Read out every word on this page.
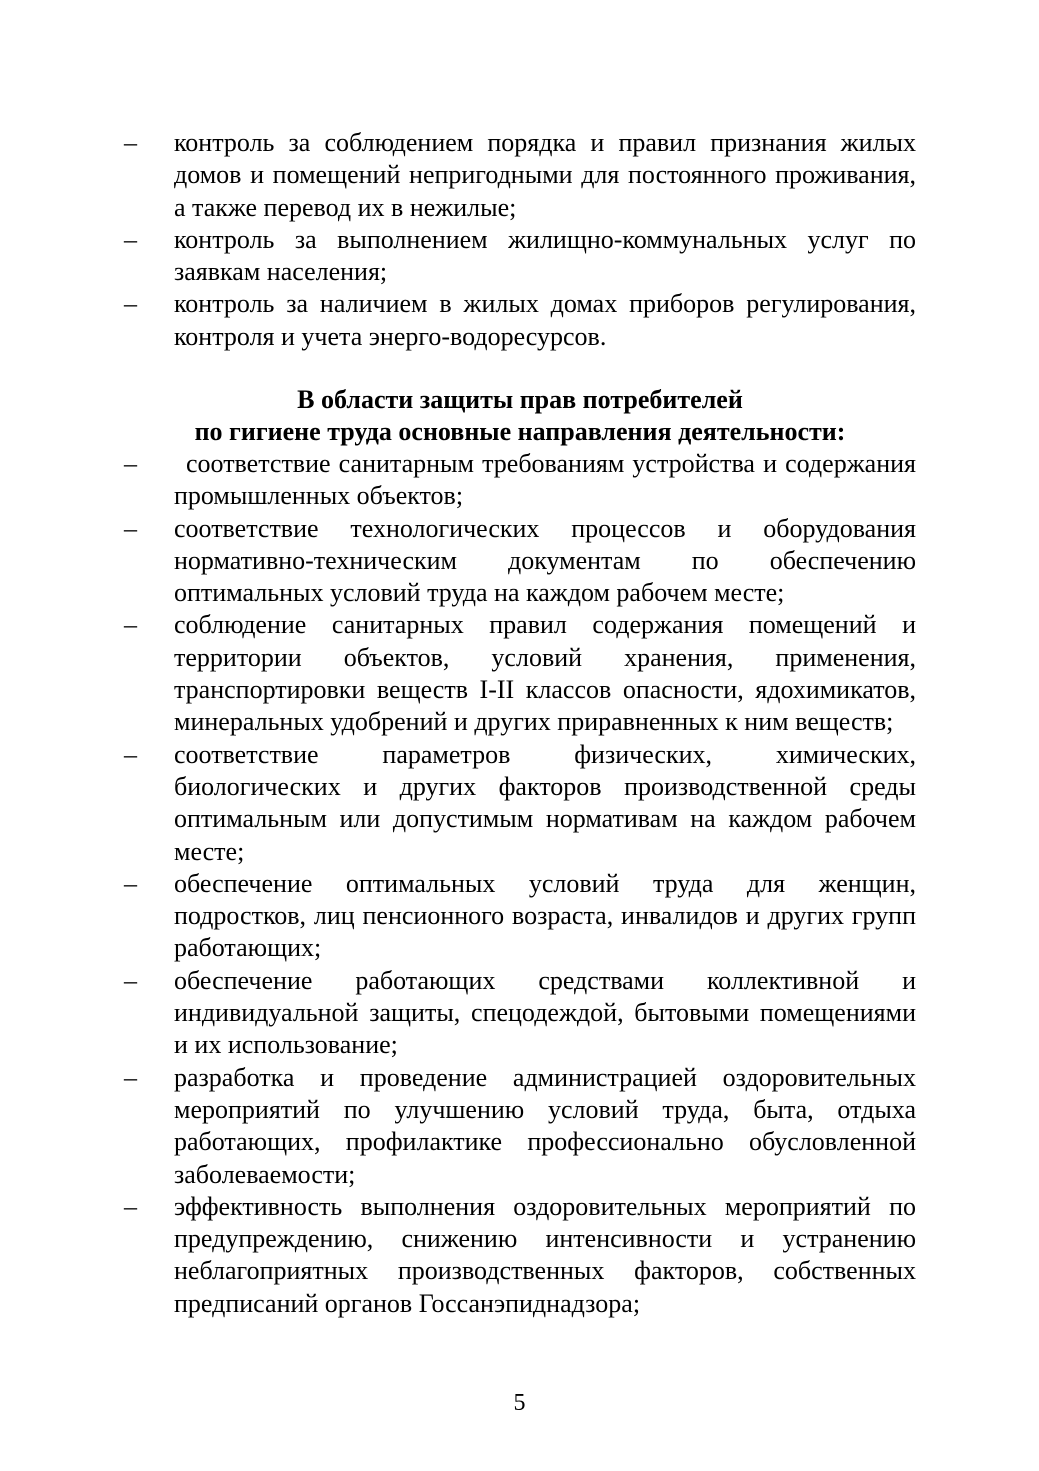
–	контроль за соблюдением порядка и правил признания жилых домов и помещений непригодными для постоянного проживания, а также перевод их в нежилые;
–	контроль за выполнением жилищно-коммунальных услуг по заявкам населения;
–	контроль за наличием в жилых домах приборов регулирования, контроля и учета энерго-водоресурсов.
В области защиты прав потребителей
по гигиене труда основные направления деятельности:
–	соответствие санитарным требованиям устройства и содержания промышленных объектов;
–	соответствие технологических процессов и оборудования нормативно-техническим документам по обеспечению оптимальных условий труда на каждом рабочем месте;
–	соблюдение санитарных правил содержания помещений и территории объектов, условий хранения, применения, транспортировки веществ I-II классов опасности, ядохимикатов, минеральных удобрений и других приравненных к ним веществ;
–	соответствие параметров физических, химических, биологических и других факторов производственной среды оптимальным или допустимым нормативам на каждом рабочем месте;
–	обеспечение оптимальных условий труда для женщин, подростков, лиц пенсионного возраста, инвалидов и других групп работающих;
–	обеспечение работающих средствами коллективной и индивидуальной защиты, спецодеждой, бытовыми помещениями и их использование;
–	разработка и проведение администрацией оздоровительных мероприятий по улучшению условий труда, быта, отдыха работающих, профилактике профессионально обусловленной заболеваемости;
–	эффективность выполнения оздоровительных мероприятий по предупреждению, снижению интенсивности и устранению неблагоприятных производственных факторов, собственных предписаний органов Госсанэпиднадзора;
5
